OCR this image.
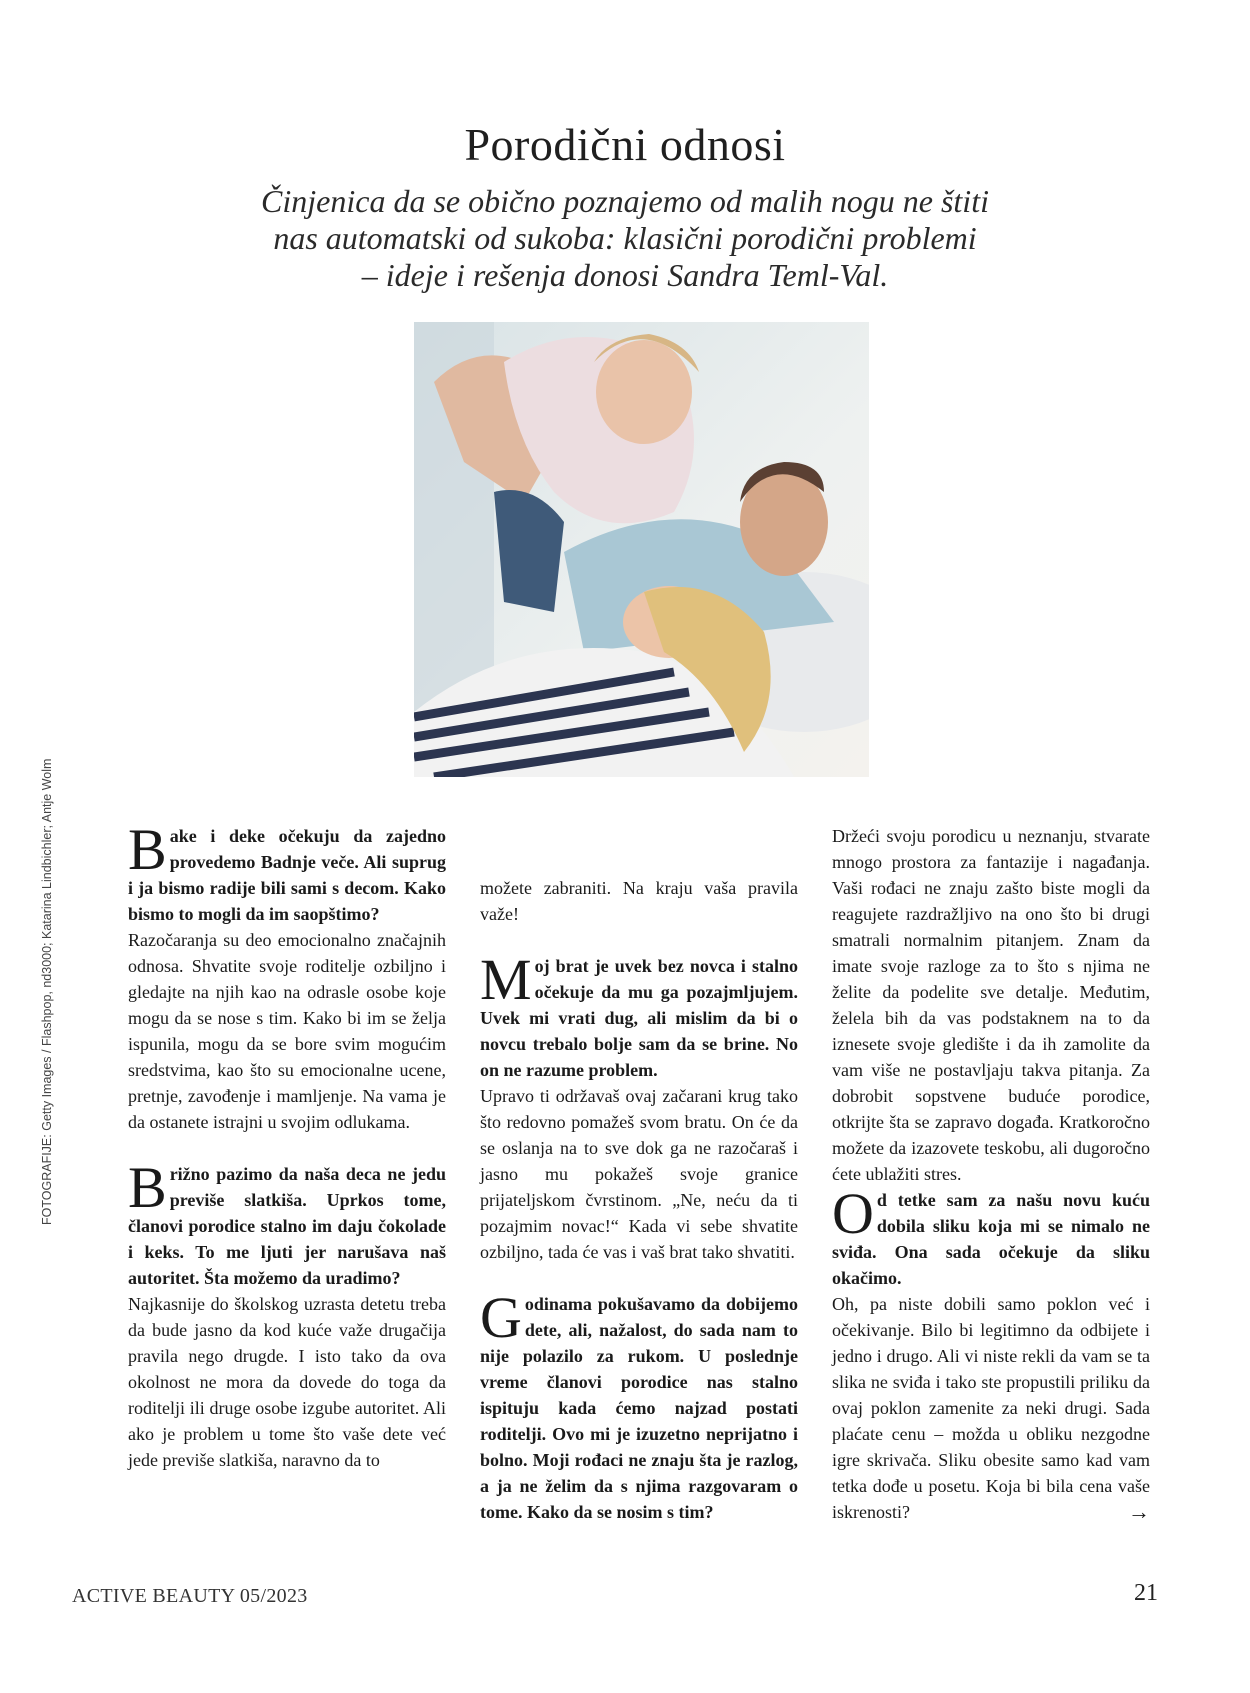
Porodični odnosi
Činjenica da se obično poznajemo od malih nogu ne štiti
nas automatski od sukoba: klasični porodični problemi
– ideje i rešenja donosi Sandra Teml-Val.
FOTOGRAFIJE: Getty Images / Flashpop, nd3000; Katarina Lindbichler; Antje Wolm Bake i deke očekuju da zajedno provedemo Badnje veče. Ali suprug i ja bismo radije bili sami s decom. Kako bismo to mogli da im saopštimo?

Razočaranja su deo emocionalno značajnih odnosa. Shvatite svoje roditelje ozbiljno i gledajte na njih kao na odrasle osobe koje mogu da se nose s tim. Kako bi im se želja ispunila, mogu da se bore svim mogućim sredstvima, kao što su emocionalne ucene, pretnje, zavođenje i mamljenje. Na vama je da ostanete istrajni u svojim odlukama.

Brižno pazimo da naša deca ne jedu previše slatkiša. Uprkos tome, članovi porodice stalno im daju čokolade i keks. To me ljuti jer narušava naš autoritet. Šta možemo da uradimo?

Najkasnije do školskog uzrasta detetu treba da bude jasno da kod kuće važe drugačija pravila nego drugde. I isto tako da ova okolnost ne mora da dovede do toga da roditelji ili druge osobe izgube autoritet. Ali ako je problem u tome što vaše dete već jede previše slatkiša, naravno da to

možete zabraniti. Na kraju vaša pravila važe!

Moj brat je uvek bez novca i stalno očekuje da mu ga pozajmljujem. Uvek mi vrati dug, ali mislim da bi o novcu trebalo bolje sam da se brine. No on ne razume problem.

Upravo ti održavaš ovaj začarani krug tako što redovno pomažeš svom bratu. On će da se oslanja na to sve dok ga ne razočaraš i jasno mu pokažeš svoje granice prijateljskom čvrstinom. „Ne, neću da ti pozajmim novac!“ Kada vi sebe shvatite ozbiljno, tada će vas i vaš brat tako shvatiti.

Godinama pokušavamo da dobijemo dete, ali, nažalost, do sada nam to nije polazilo za rukom. U poslednje vreme članovi porodice nas stalno ispituju kada ćemo najzad postati roditelji. Ovo mi je izuzetno neprijatno i bolno. Moji rođaci ne znaju šta je razlog, a ja ne želim da s njima razgovaram o tome. Kako da se nosim s tim?

Držeći svoju porodicu u neznanju, stvarate mnogo prostora za fantazije i nagađanja. Vaši rođaci ne znaju zašto biste mogli da reagujete razdražljivo na ono što bi drugi smatrali normalnim pitanjem. Znam da imate svoje razloge za to što s njima ne želite da podelite sve detalje. Međutim, želela bih da vas podstaknem na to da iznesete svoje gledište i da ih zamolite da vam više ne postavljaju takva pitanja. Za dobrobit sopstvene buduće porodice, otkrijte šta se zapravo događa. Kratkoročno možete da izazovete teskobu, ali dugoročno ćete ublažiti stres.

Od tetke sam za našu novu kuću dobila sliku koja mi se nimalo ne sviđa. Ona sada očekuje da sliku okačimo.

Oh, pa niste dobili samo poklon već i očekivanje. Bilo bi legitimno da odbijete i jedno i drugo. Ali vi niste rekli da vam se ta slika ne sviđa i tako ste propustili priliku da ovaj poklon zamenite za neki drugi. Sada plaćate cenu – možda u obliku nezgodne igre skrivača. Sliku obesite samo kad vam tetka dođe u posetu. Koja bi bila cena vaše iskrenosti?	→

ACTIVE BEAUTY 05/2023	21
